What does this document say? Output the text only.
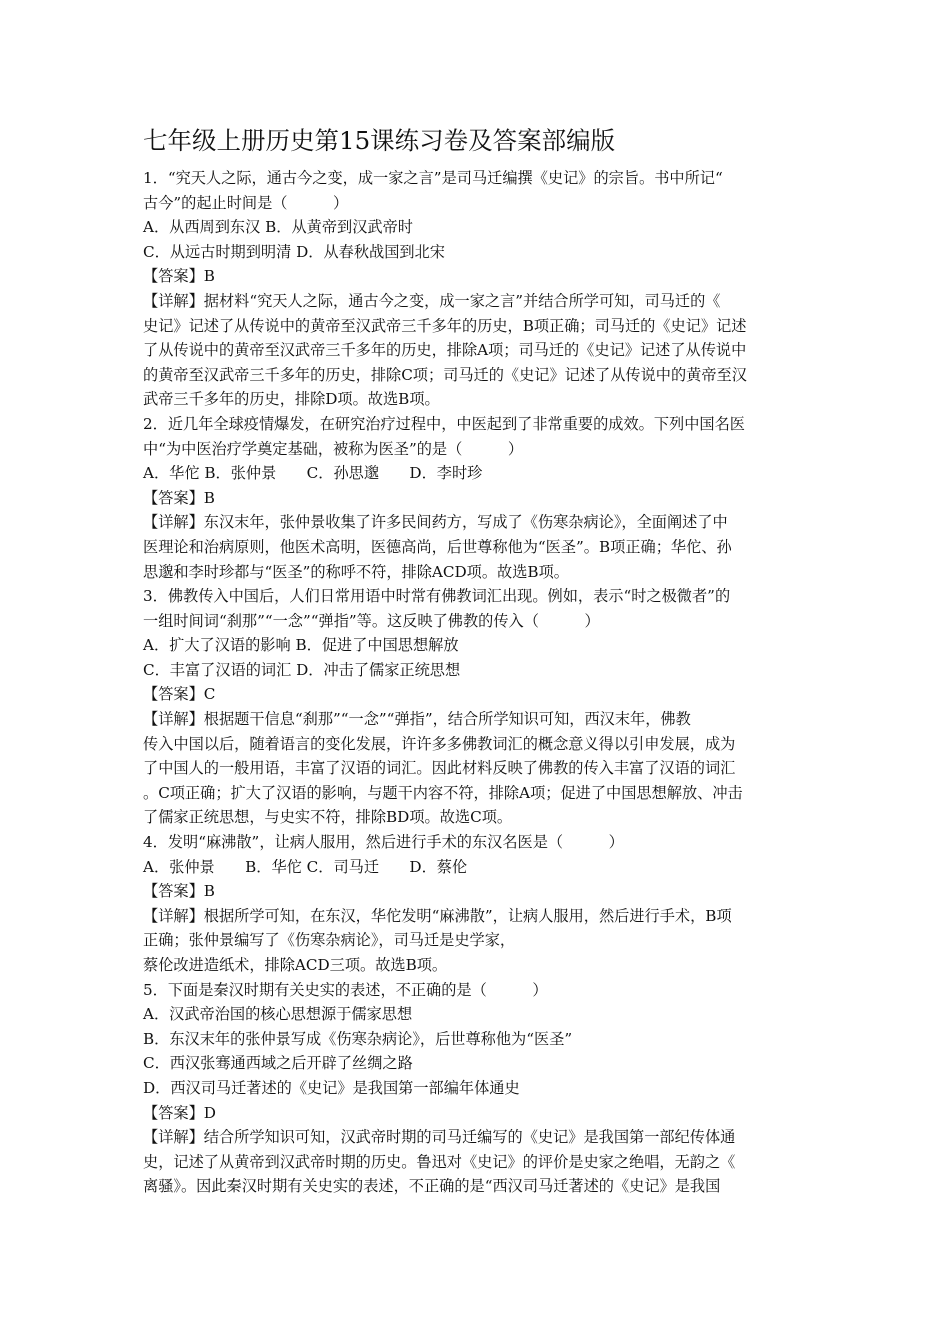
七年级上册历史第15课练习卷及答案部编版
1．“究天人之际，通古今之变，成一家之言”是司马迁编撰《史记》的宗旨。书中所记“
古今”的起止时间是（　　　）
A．从西周到东汉 B．从黄帝到汉武帝时
C．从远古时期到明清 D．从春秋战国到北宋
【答案】B
【详解】据材料“究天人之际，通古今之变，成一家之言”并结合所学可知，司马迁的《
史记》记述了从传说中的黄帝至汉武帝三千多年的历史，B项正确；司马迁的《史记》记述
了从传说中的黄帝至汉武帝三千多年的历史，排除A项；司马迁的《史记》记述了从传说中
的黄帝至汉武帝三千多年的历史，排除C项；司马迁的《史记》记述了从传说中的黄帝至汉
武帝三千多年的历史，排除D项。故选B项。
2．近几年全球疫情爆发，在研究治疗过程中，中医起到了非常重要的成效。下列中国名医
中“为中医治疗学奠定基础，被称为医圣”的是（　　　）
A．华佗 B．张仲景　　C．孙思邈　　D．李时珍
【答案】B
【详解】东汉末年，张仲景收集了许多民间药方，写成了《伤寒杂病论》，全面阐述了中
医理论和治病原则，他医术高明，医德高尚，后世尊称他为“医圣”。B项正确；华佗、孙
思邈和李时珍都与“医圣”的称呼不符，排除ACD项。故选B项。
3．佛教传入中国后，人们日常用语中时常有佛教词汇出现。例如，表示“时之极微者”的
一组时间词“刹那”“一念”“弹指”等。这反映了佛教的传入（　　　）
A．扩大了汉语的影响 B．促进了中国思想解放
C．丰富了汉语的词汇 D．冲击了儒家正统思想
【答案】C
【详解】根据题干信息“刹那”“一念”“弹指”，结合所学知识可知，西汉末年，佛教
传入中国以后，随着语言的变化发展，许许多多佛教词汇的概念意义得以引申发展，成为
了中国人的一般用语，丰富了汉语的词汇。因此材料反映了佛教的传入丰富了汉语的词汇
。C项正确；扩大了汉语的影响，与题干内容不符，排除A项；促进了中国思想解放、冲击
了儒家正统思想，与史实不符，排除BD项。故选C项。
4．发明“麻沸散”，让病人服用，然后进行手术的东汉名医是（　　　）
A．张仲景　　B．华佗 C．司马迁　　D．蔡伦
【答案】B
【详解】根据所学可知，在东汉，华佗发明“麻沸散”，让病人服用，然后进行手术，B项
正确；张仲景编写了《伤寒杂病论》，司马迁是史学家，
蔡伦改进造纸术，排除ACD三项。故选B项。
5．下面是秦汉时期有关史实的表述，不正确的是（　　　）
A．汉武帝治国的核心思想源于儒家思想
B．东汉末年的张仲景写成《伤寒杂病论》，后世尊称他为“医圣”
C．西汉张骞通西域之后开辟了丝绸之路
D．西汉司马迁著述的《史记》是我国第一部编年体通史
【答案】D
【详解】结合所学知识可知，汉武帝时期的司马迁编写的《史记》是我国第一部纪传体通
史，记述了从黄帝到汉武帝时期的历史。鲁迅对《史记》的评价是史家之绝唱，无韵之《
离骚》。因此秦汉时期有关史实的表述，不正确的是“西汉司马迁著述的《史记》是我国
